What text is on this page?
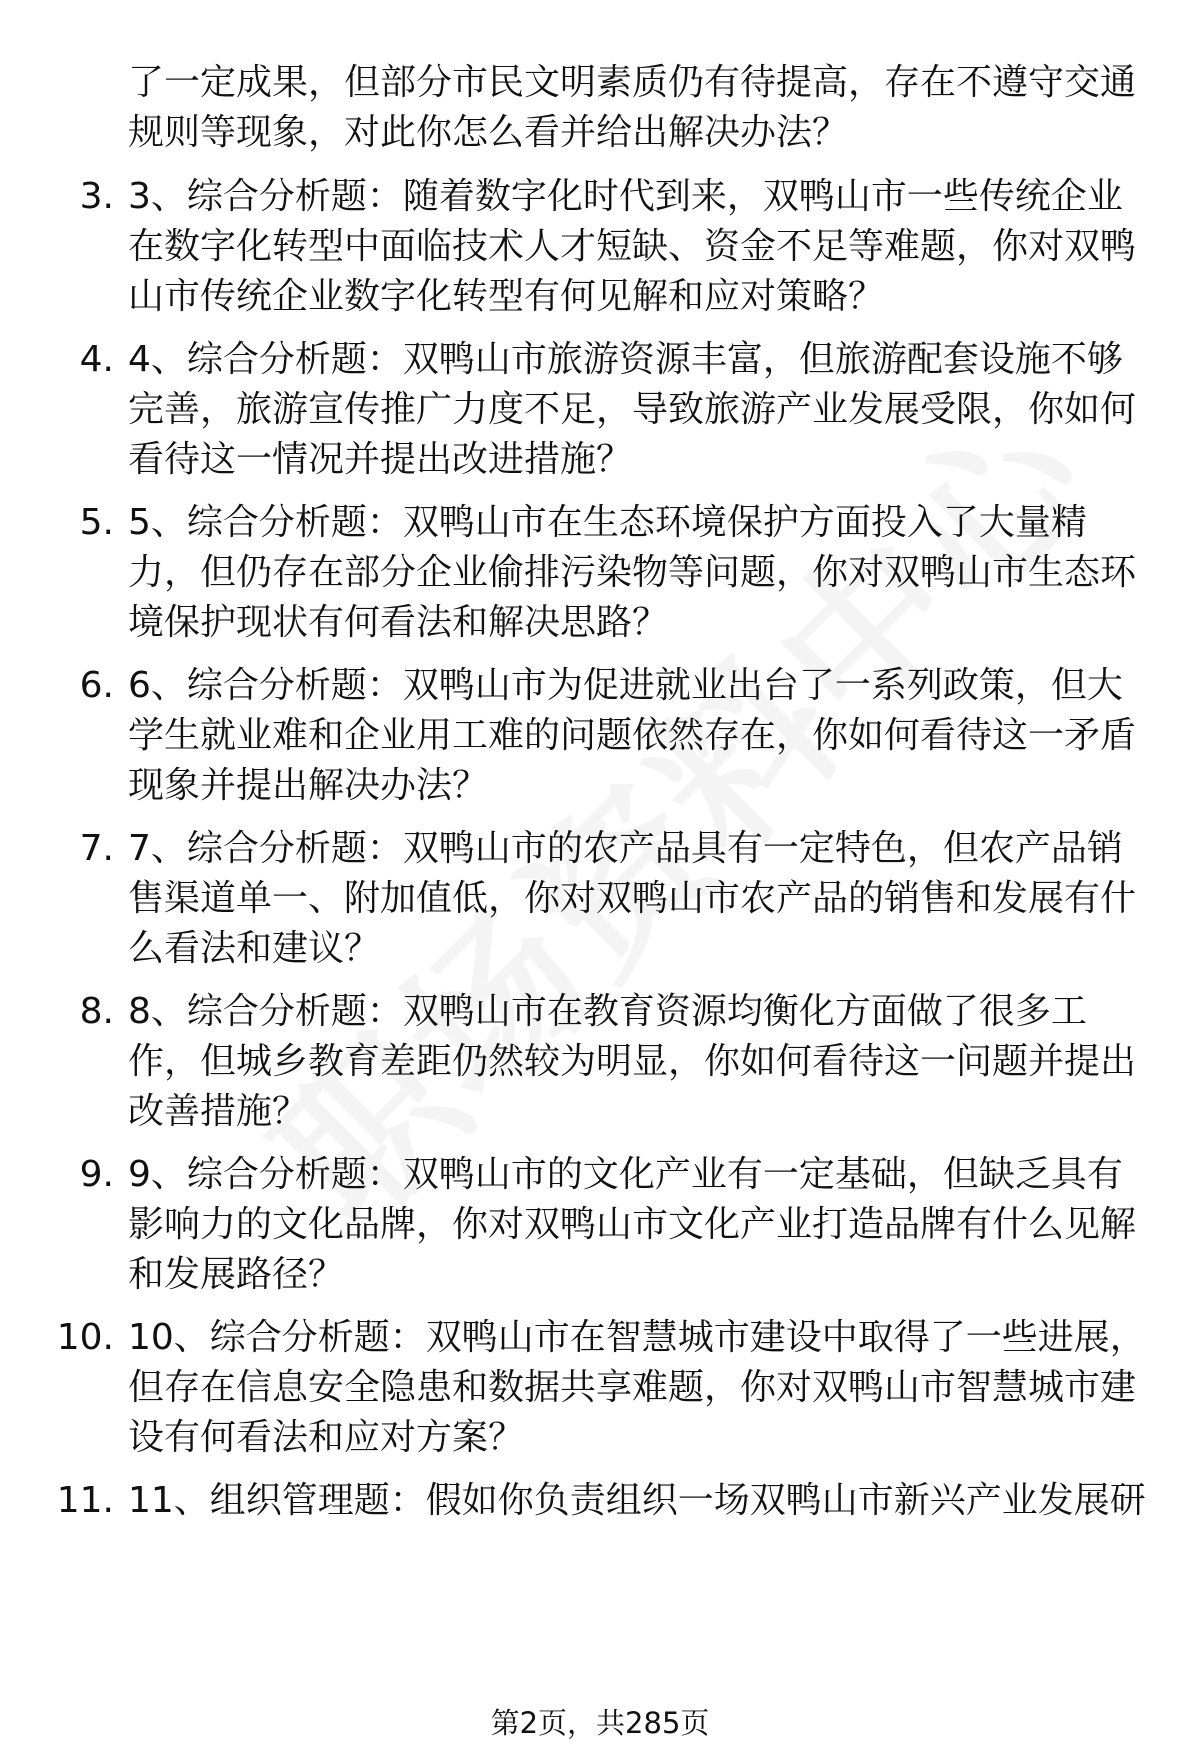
了一定成果，但部分市民文明素质仍有待提高，存在不遵守交通规则等现象，对此你怎么看并给出解决办法？

3. 3、综合分析题：随着数字化时代到来，双鸭山市一些传统企业在数字化转型中面临技术人才短缺、资金不足等难题，你对双鸭山市传统企业数字化转型有何见解和应对策略？
4. 4、综合分析题：双鸭山市旅游资源丰富，但旅游配套设施不够完善，旅游宣传推广力度不足，导致旅游产业发展受限，你如何看待这一情况并提出改进措施？
5. 5、综合分析题：双鸭山市在生态环境保护方面投入了大量精力，但仍存在部分企业偷排污染物等问题，你对双鸭山市生态环境保护现状有何看法和解决思路？
6. 6、综合分析题：双鸭山市为促进就业出台了一系列政策，但大学生就业难和企业用工难的问题依然存在，你如何看待这一矛盾现象并提出解决办法？
7. 7、综合分析题：双鸭山市的农产品具有一定特色，但农产品销售渠道单一、附加值低，你对双鸭山市农产品的销售和发展有什么看法和建议？
8. 8、综合分析题：双鸭山市在教育资源均衡化方面做了很多工作，但城乡教育差距仍然较为明显，你如何看待这一问题并提出改善措施？
9. 9、综合分析题：双鸭山市的文化产业有一定基础，但缺乏具有影响力的文化品牌，你对双鸭山市文化产业打造品牌有什么见解和发展路径？
10. 10、综合分析题：双鸭山市在智慧城市建设中取得了一些进展，但存在信息安全隐患和数据共享难题，你对双鸭山市智慧城市建设有何看法和应对方案？
11. 11、组织管理题：假如你负责组织一场双鸭山市新兴产业发展研
第2页，共285页
